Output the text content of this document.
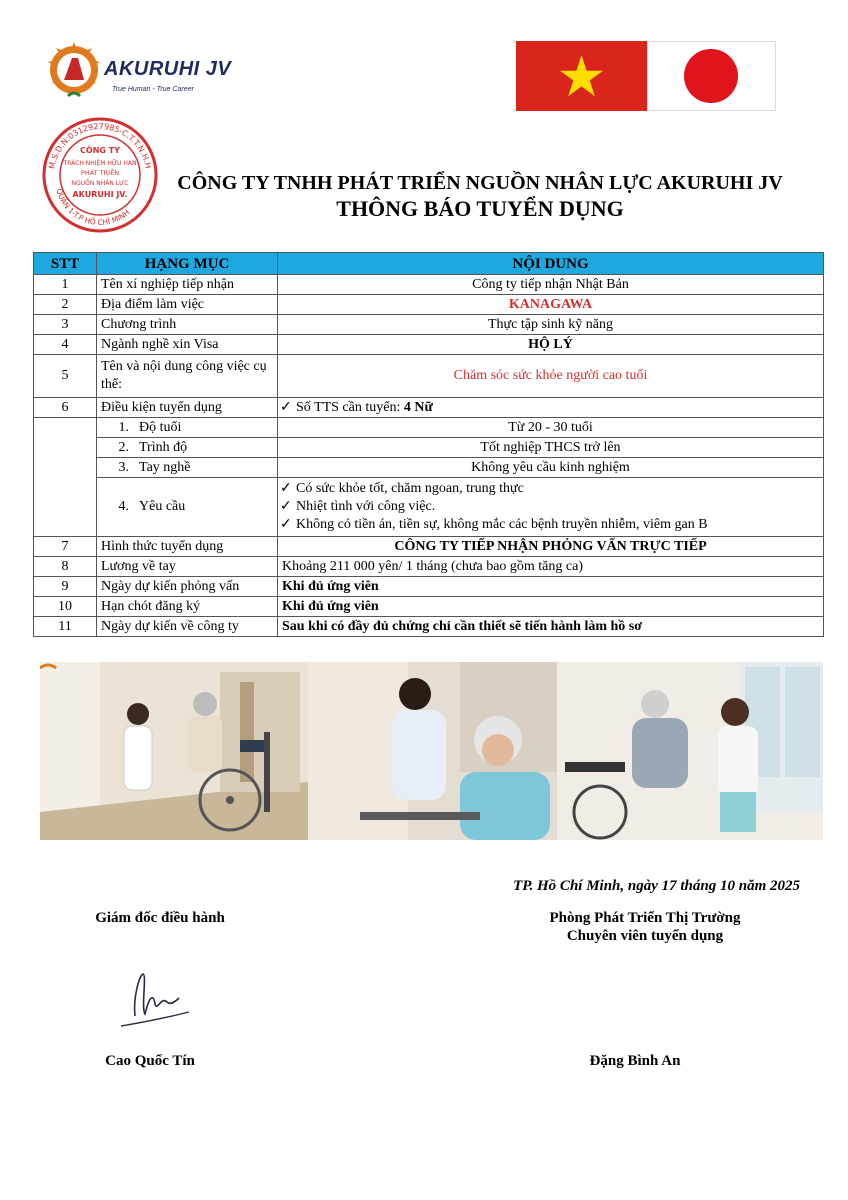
AKURUHI JV
True Human - True Career
CÔNG TY
TRÁCH NHIỆM HỮU HẠN
PHÁT TRIỂN
NGUỒN NHÂN LỰC
AKURUHI JV.
M.S.D.N:0312927985-C.T.T.N.H.H
QUẬN 1-T.P HỒ CHÍ MINH
CÔNG TY TNHH PHÁT TRIỂN NGUỒN NHÂN LỰC AKURUHI JV
THÔNG BÁO TUYỂN DỤNG
STT	HẠNG MỤC	NỘI DUNG
1	Tên xí nghiệp tiếp nhận	Công ty tiếp nhận Nhật Bản
2	Địa điểm làm việc	KANAGAWA
3	Chương trình	Thực tập sinh kỹ năng
4	Ngành nghề xin Visa	HỘ LÝ
5	Tên và nội dung công việc cụ thể:	Chăm sóc sức khỏe người cao tuổi
6	Điều kiện tuyển dụng	✓ Số TTS cần tuyển: 4 Nữ
	1. Độ tuổi	Từ 20 - 30 tuổi
	2. Trình độ	Tốt nghiệp THCS trở lên
	3. Tay nghề	Không yêu cầu kinh nghiệm
	4. Yêu cầu	✓ Có sức khỏe tốt, chăm ngoan, trung thực
✓ Nhiệt tình với công việc.
✓ Không có tiền án, tiền sự, không mắc các bệnh truyền nhiễm, viêm gan B

7	Hình thức tuyển dụng	CÔNG TY TIẾP NHẬN PHỎNG VẤN TRỰC TIẾP
8	Lương về tay	Khoảng 211 000 yên/ 1 tháng (chưa bao gồm tăng ca)
9	Ngày dự kiến phỏng vấn	Khi đủ ứng viên
10	Hạn chót đăng ký	Khi đủ ứng viên
11	Ngày dự kiến về công ty	Sau khi có đầy đủ chứng chỉ cần thiết sẽ tiến hành làm hồ sơ
TP. Hồ Chí Minh, ngày 17 tháng 10 năm 2025
Giám đốc điều hành	Phòng Phát Triển Thị Trường
Chuyên viên tuyển dụng
Cao Quốc Tín	Đặng Bình An
